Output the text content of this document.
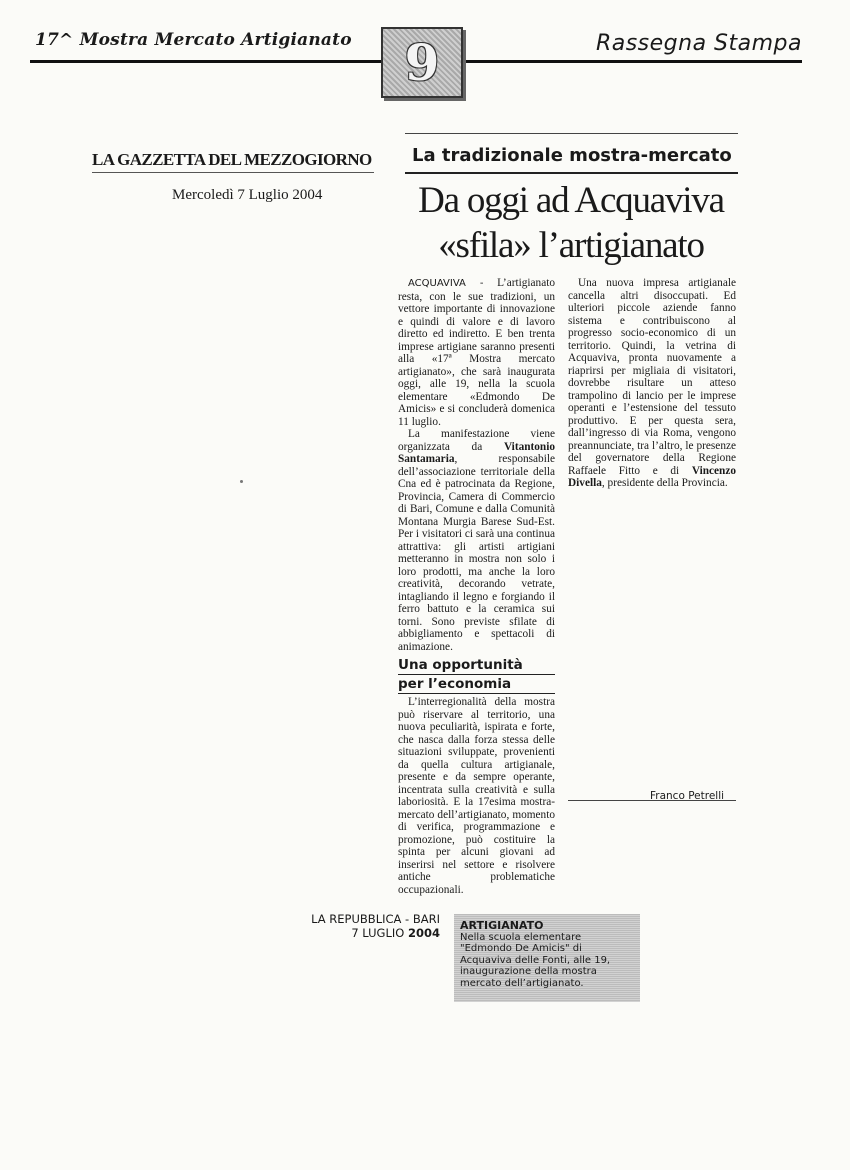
17^ Mostra Mercato Artigianato	Rassegna Stampa
9
LA GAZZETTA DEL MEZZOGIORNO
Mercoledì 7 Luglio 2004
La tradizionale mostra-mercato
Da oggi ad Acquaviva
«sfila» l’artigianato

ACQUAVIVA - L’artigianato resta, con le sue tradizioni, un vettore importante di innovazione e quindi di valore e di lavoro diretto ed indiretto. E ben trenta imprese artigiane saranno presenti alla «17ª Mostra mercato artigianato», che sarà inaugurata oggi, alle 19, nella la scuola elementare «Edmondo De Amicis» e si concluderà domenica 11 luglio.

La manifestazione viene organizzata da Vitantonio Santamaria, responsabile dell’associazione territoriale della Cna ed è patrocinata da Regione, Provincia, Camera di Commercio di Bari, Comune e dalla Comunità Montana Murgia Barese Sud-Est. Per i visitatori ci sarà una continua attrattiva: gli artisti artigiani metteranno in mostra non solo i loro prodotti, ma anche la loro creatività, decorando vetrate, intagliando il legno e forgiando il ferro battuto e la ceramica sui torni. Sono previste sfilate di abbigliamento e spettacoli di animazione.

Una opportunità
per l’economia

L’interregionalità della mostra può riservare al territorio, una nuova peculiarità, ispirata e forte, che nasca dalla forza stessa delle situazioni sviluppate, provenienti da quella cultura artigianale, presente e da sempre operante, incentrata sulla creatività e sulla laboriosità. E la 17esima mostra-mercato dell’artigianato, momento di verifica, programmazione e promozione, può costituire la spinta per alcuni giovani ad inserirsi nel settore e risolvere antiche problematiche occupazionali.

Una nuova impresa artigianale cancella altri disoccupati. Ed ulteriori piccole aziende fanno sistema e contribuiscono al progresso socio-economico di un territorio. Quindi, la vetrina di Acquaviva, pronta nuovamente a riaprirsi per migliaia di visitatori, dovrebbe risultare un atteso trampolino di lancio per le imprese operanti e l’estensione del tessuto produttivo. E per questa sera, dall’ingresso di via Roma, vengono preannunciate, tra l’altro, le presenze del governatore della Regione Raffaele Fitto e di Vincenzo Divella, presidente della Provincia.

Franco Petrelli
LA REPUBBLICA - BARI
7 LUGLIO 2004
ARTIGIANATO
Nella scuola elementare "Edmondo De Amicis" di Acquaviva delle Fonti, alle 19, inaugurazione della mostra mercato dell’artigianato.
